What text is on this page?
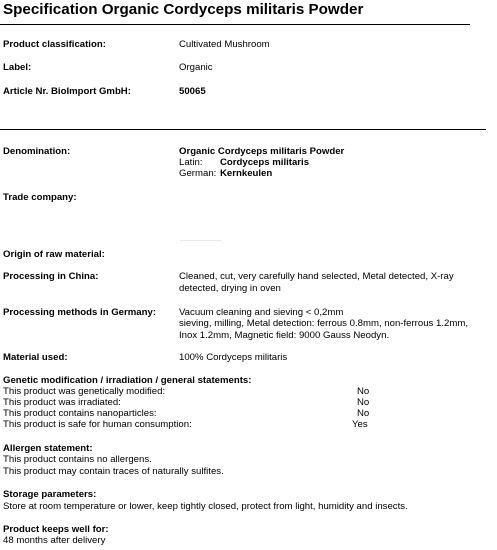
Specification Organic Cordyceps militaris Powder
Product classification:	Cultivated Mushroom
Label:	Organic
Article Nr. BioImport GmbH:	50065
Denomination:	Organic Cordyceps militaris Powder
Latin: Cordyceps militaris
German: Kernkeulen
Trade company:
Origin of raw material:
Processing in China:	Cleaned, cut, very carefully hand selected, Metal detected, X-ray
detected, drying in oven
Processing methods in Germany: Vacuum cleaning and sieving < 0,2mm
sieving, milling, Metal detection: ferrous 0.8mm, non-ferrous 1.2mm,
Inox 1.2mm, Magnetic field: 9000 Gauss Neodyn.
Material used:	100% Cordyceps militaris
Genetic modification / irradiation / general statements:
This product was genetically modified:	No
This product was irradiated:	No
This product contains nanoparticles:	No
This product is safe for human consumption:	Yes
Allergen statement:
This product contains no allergens.
This product may contain traces of naturally sulfites.
Storage parameters:
Store at room temperature or lower, keep tightly closed, protect from light, humidity and insects.
Product keeps well for:
48 months after delivery
